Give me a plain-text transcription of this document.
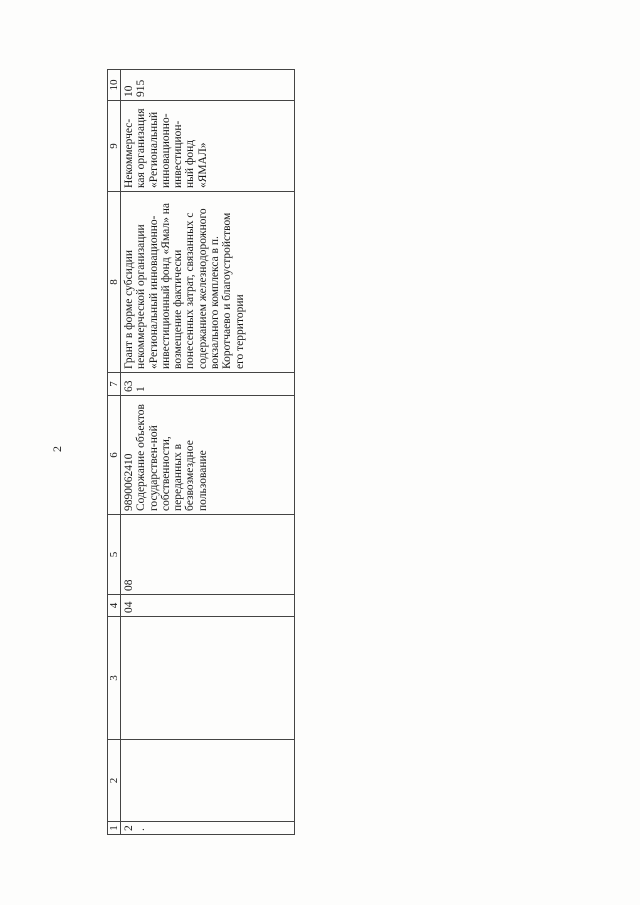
2
1	2	3	4	5	6	7	8	9	10
2.			04	08	9890062410 Содержание объектов государствен-ной собственности, переданных в безвозмездное пользование	631	Грант в форме субсидии некоммерческой организации «Региональный инновационно-инвестиционный фонд «Ямал» на возмещение фактически понесенных затрат, связанных с содержанием железнодорожного вокзального комплекса в п. Коротчаево и благоустройством его территории	Некоммерчес-кая организация «Региональный инновационно-инвестицион-ный фонд «ЯМАЛ»	10 915
